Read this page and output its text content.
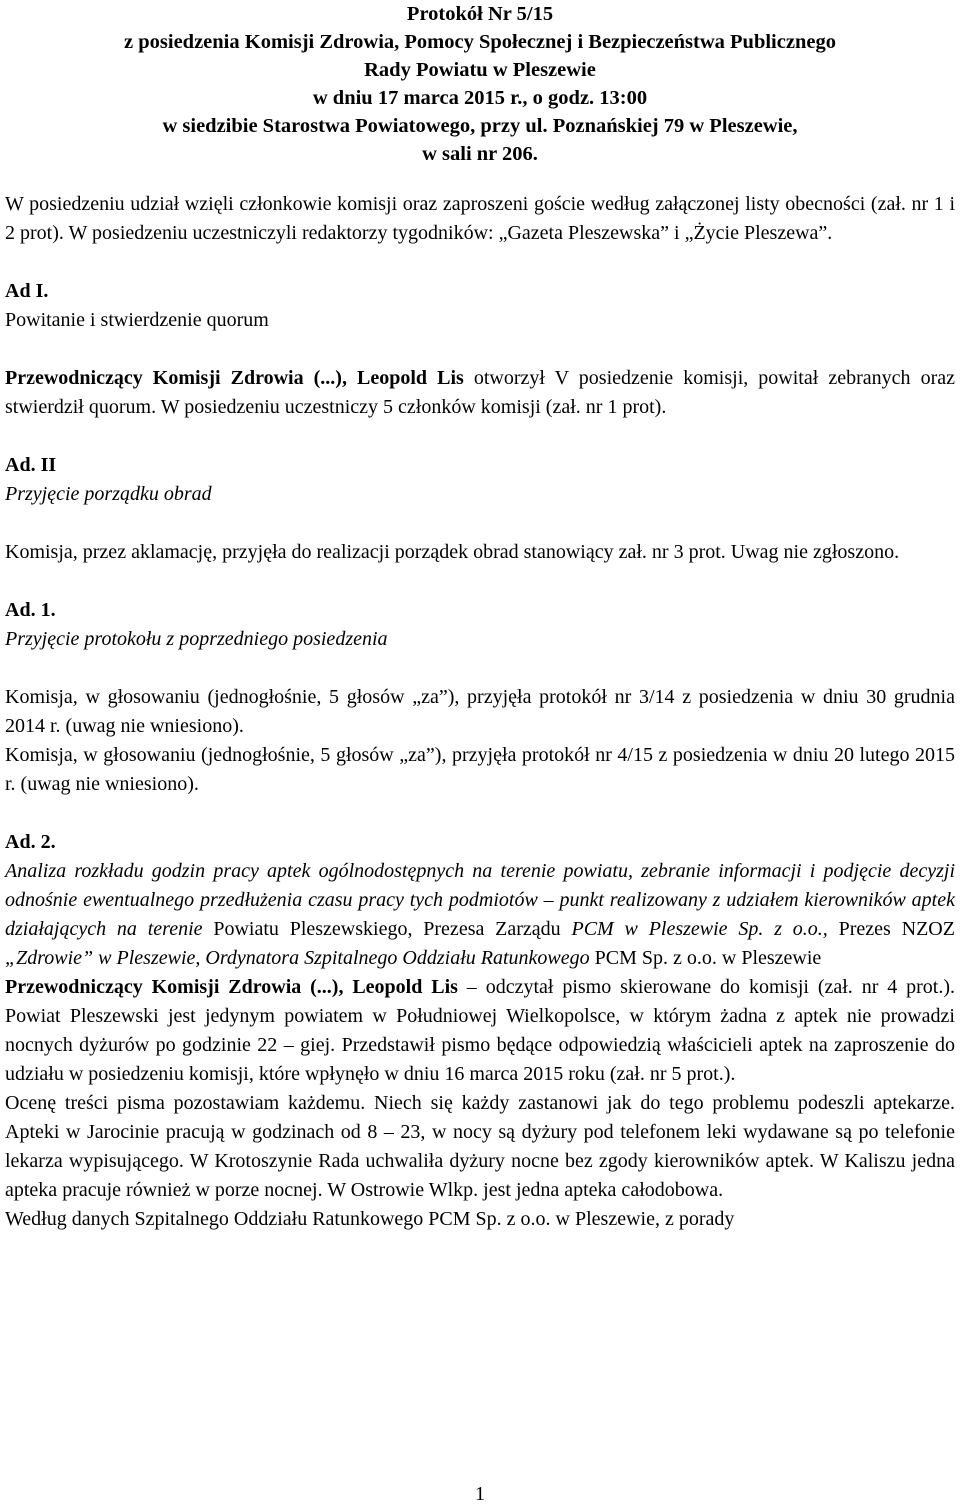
Protokół Nr 5/15
z posiedzenia Komisji Zdrowia, Pomocy Społecznej i Bezpieczeństwa Publicznego
Rady Powiatu w Pleszewie
w dniu 17 marca 2015 r., o godz. 13:00
w siedzibie Starostwa Powiatowego, przy ul. Poznańskiej 79 w Pleszewie,
w sali nr 206.

W posiedzeniu udział wzięli członkowie komisji oraz zaproszeni goście według załączonej listy obecności (zał. nr 1 i 2 prot). W posiedzeniu uczestniczyli redaktorzy tygodników: „Gazeta Pleszewska” i „Życie Pleszewa”.

Ad I.

Powitanie i stwierdzenie quorum

Przewodniczący Komisji Zdrowia (...), Leopold Lis otworzył V posiedzenie komisji, powitał zebranych oraz stwierdził quorum. W posiedzeniu uczestniczy 5 członków komisji (zał. nr 1 prot).

Ad. II

Przyjęcie porządku obrad

Komisja, przez aklamację, przyjęła do realizacji porządek obrad stanowiący zał. nr 3 prot. Uwag nie zgłoszono.

Ad. 1.

Przyjęcie protokołu z poprzedniego posiedzenia

Komisja, w głosowaniu (jednogłośnie, 5 głosów „za”), przyjęła protokół nr 3/14 z posiedzenia w dniu 30 grudnia 2014 r. (uwag nie wniesiono).

Komisja, w głosowaniu (jednogłośnie, 5 głosów „za”), przyjęła protokół nr 4/15 z posiedzenia w dniu 20 lutego 2015 r. (uwag nie wniesiono).

Ad. 2.

Analiza rozkładu godzin pracy aptek ogólnodostępnych na terenie powiatu, zebranie informacji i podjęcie decyzji odnośnie ewentualnego przedłużenia czasu pracy tych podmiotów – punkt realizowany z udziałem kierowników aptek działających na terenie Powiatu Pleszewskiego, Prezesa Zarządu PCM w Pleszewie Sp. z o.o., Prezes NZOZ „Zdrowie” w Pleszewie, Ordynatora Szpitalnego Oddziału Ratunkowego PCM Sp. z o.o. w Pleszewie

Przewodniczący Komisji Zdrowia (...), Leopold Lis – odczytał pismo skierowane do komisji (zał. nr 4 prot.). Powiat Pleszewski jest jedynym powiatem w Południowej Wielkopolsce, w którym żadna z aptek nie prowadzi nocnych dyżurów po godzinie 22 – giej. Przedstawił pismo będące odpowiedzią właścicieli aptek na zaproszenie do udziału w posiedzeniu komisji, które wpłynęło w dniu 16 marca 2015 roku (zał. nr 5 prot.).

Ocenę treści pisma pozostawiam każdemu. Niech się każdy zastanowi jak do tego problemu podeszli aptekarze. Apteki w Jarocinie pracują w godzinach od 8 – 23, w nocy są dyżury pod telefonem leki wydawane są po telefonie lekarza wypisującego. W Krotoszynie Rada uchwaliła dyżury nocne bez zgody kierowników aptek. W Kaliszu jedna apteka pracuje również w porze nocnej. W Ostrowie Wlkp. jest jedna apteka całodobowa.

Według danych Szpitalnego Oddziału Ratunkowego PCM Sp. z o.o. w Pleszewie, z porady

1
